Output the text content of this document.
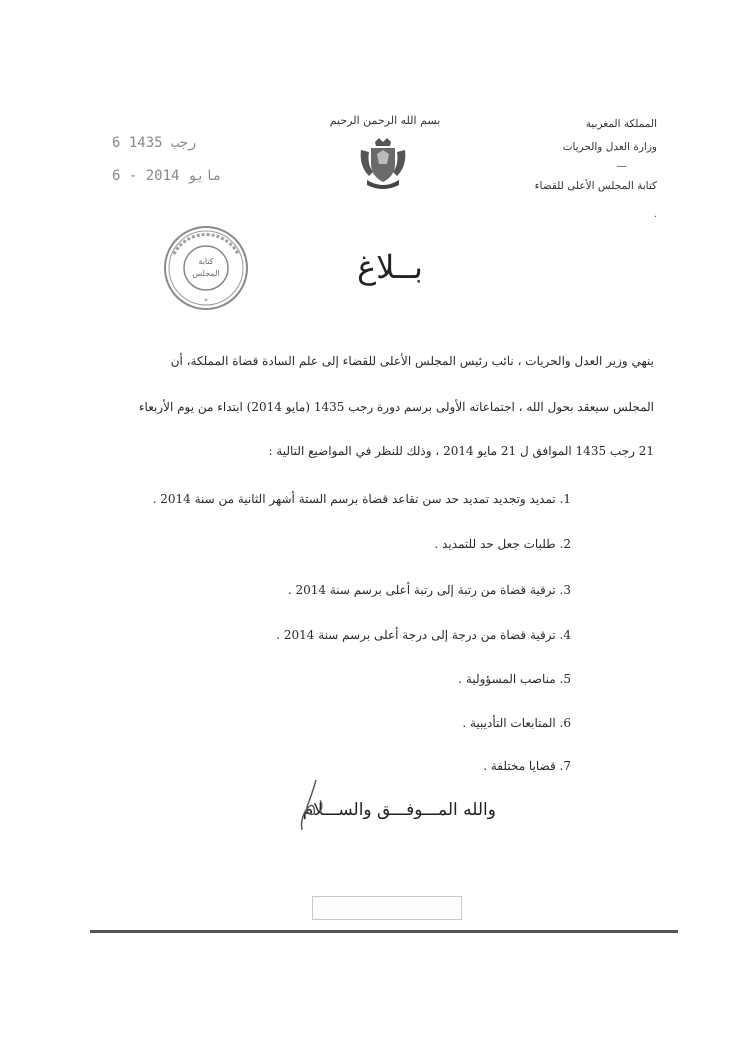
بسم الله الرحمن الرحيم	المملكة المغربية
وزارة العدل والحريات
—
كتابة المجلس الأعلى للقضاء
·
6 رجب 1435
6 - مايو 2014
*
كتابة
المجلس	بــلاغ
ينهي وزير العدل والحريات ، نائب رئيس المجلس الأعلى للقضاء إلى علم السادة قضاة المملكة، أن
المجلس سيعقد بحول الله ، اجتماعاته الأولى برسم دورة رجب 1435 (مايو 2014) ابتداء من يوم الأربعاء
21 رجب 1435 الموافق ل 21 مايو 2014 ، وذلك للنظر في المواضيع التالية :
1. تمديد وتجديد تمديد حد سن تقاعد قضاة برسم الستة أشهر الثانية من سنة 2014 .
2. طلبات جعل حد للتمديد .
3. ترقية قضاة من رتبة إلى رتبة أعلى برسم سنة 2014 .
4. ترقية قضاة من درجة إلى درجة أعلى برسم سنة 2014 .
5. مناصب المسؤولية .
6. المتابعات التأديبية .
7. قضايا مختلفة .
والله المـــوفـــق والســـلام
